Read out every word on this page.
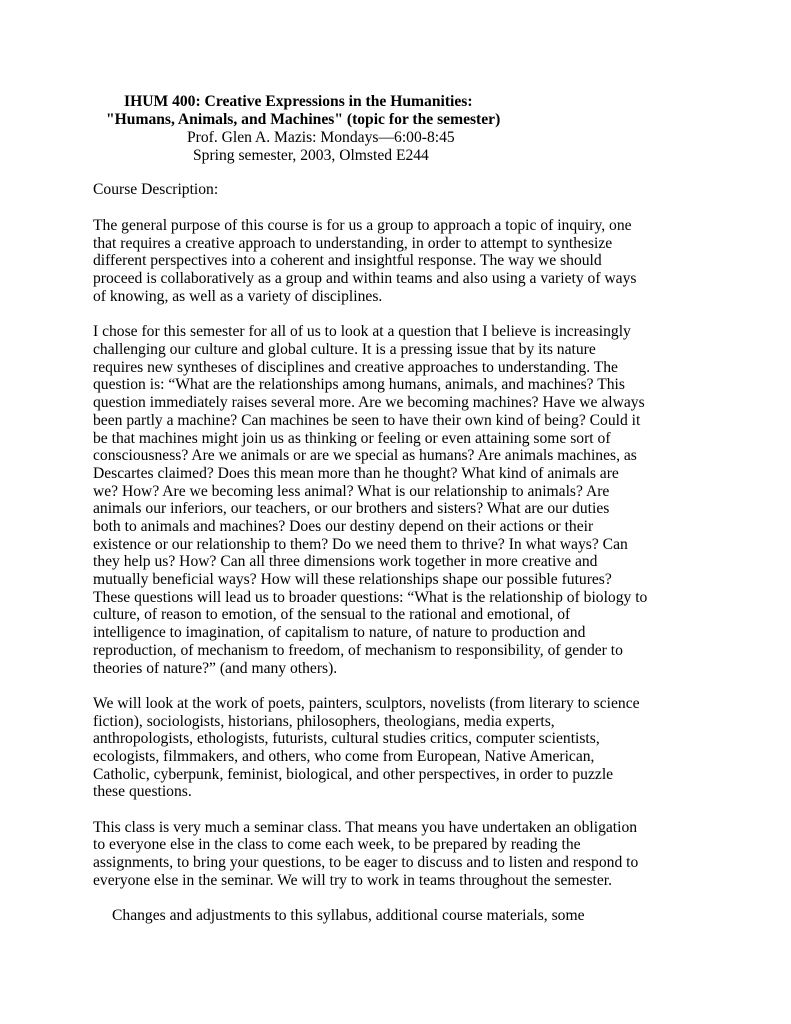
IHUM 400: Creative Expressions in the Humanities:
"Humans, Animals, and Machines" (topic for the semester)
Prof. Glen A. Mazis: Mondays—6:00-8:45
Spring semester, 2003, Olmsted E244
Course Description:
The general purpose of this course is for us a group to approach a topic of inquiry, one
that requires a creative approach to understanding, in order to attempt to synthesize
different perspectives into a coherent and insightful response. The way we should
proceed is collaboratively as a group and within teams and also using a variety of ways
of knowing, as well as a variety of disciplines.
I chose for this semester for all of us to look at a question that I believe is increasingly
challenging our culture and global culture. It is a pressing issue that by its nature
requires new syntheses of disciplines and creative approaches to understanding. The
question is: “What are the relationships among humans, animals, and machines? This
question immediately raises several more. Are we becoming machines? Have we always
been partly a machine? Can machines be seen to have their own kind of being? Could it
be that machines might join us as thinking or feeling or even attaining some sort of
consciousness? Are we animals or are we special as humans? Are animals machines, as
Descartes claimed? Does this mean more than he thought? What kind of animals are
we? How? Are we becoming less animal? What is our relationship to animals? Are
animals our inferiors, our teachers, or our brothers and sisters? What are our duties
both to animals and machines? Does our destiny depend on their actions or their
existence or our relationship to them? Do we need them to thrive? In what ways? Can
they help us? How? Can all three dimensions work together in more creative and
mutually beneficial ways? How will these relationships shape our possible futures?
These questions will lead us to broader questions: “What is the relationship of biology to
culture, of reason to emotion, of the sensual to the rational and emotional, of
intelligence to imagination, of capitalism to nature, of nature to production and
reproduction, of mechanism to freedom, of mechanism to responsibility, of gender to
theories of nature?” (and many others).
We will look at the work of poets, painters, sculptors, novelists (from literary to science
fiction), sociologists, historians, philosophers, theologians, media experts,
anthropologists, ethologists, futurists, cultural studies critics, computer scientists,
ecologists, filmmakers, and others, who come from European, Native American,
Catholic, cyberpunk, feminist, biological, and other perspectives, in order to puzzle
these questions.
This class is very much a seminar class. That means you have undertaken an obligation
to everyone else in the class to come each week, to be prepared by reading the
assignments, to bring your questions, to be eager to discuss and to listen and respond to
everyone else in the seminar. We will try to work in teams throughout the semester.
Changes and adjustments to this syllabus, additional course materials, some
